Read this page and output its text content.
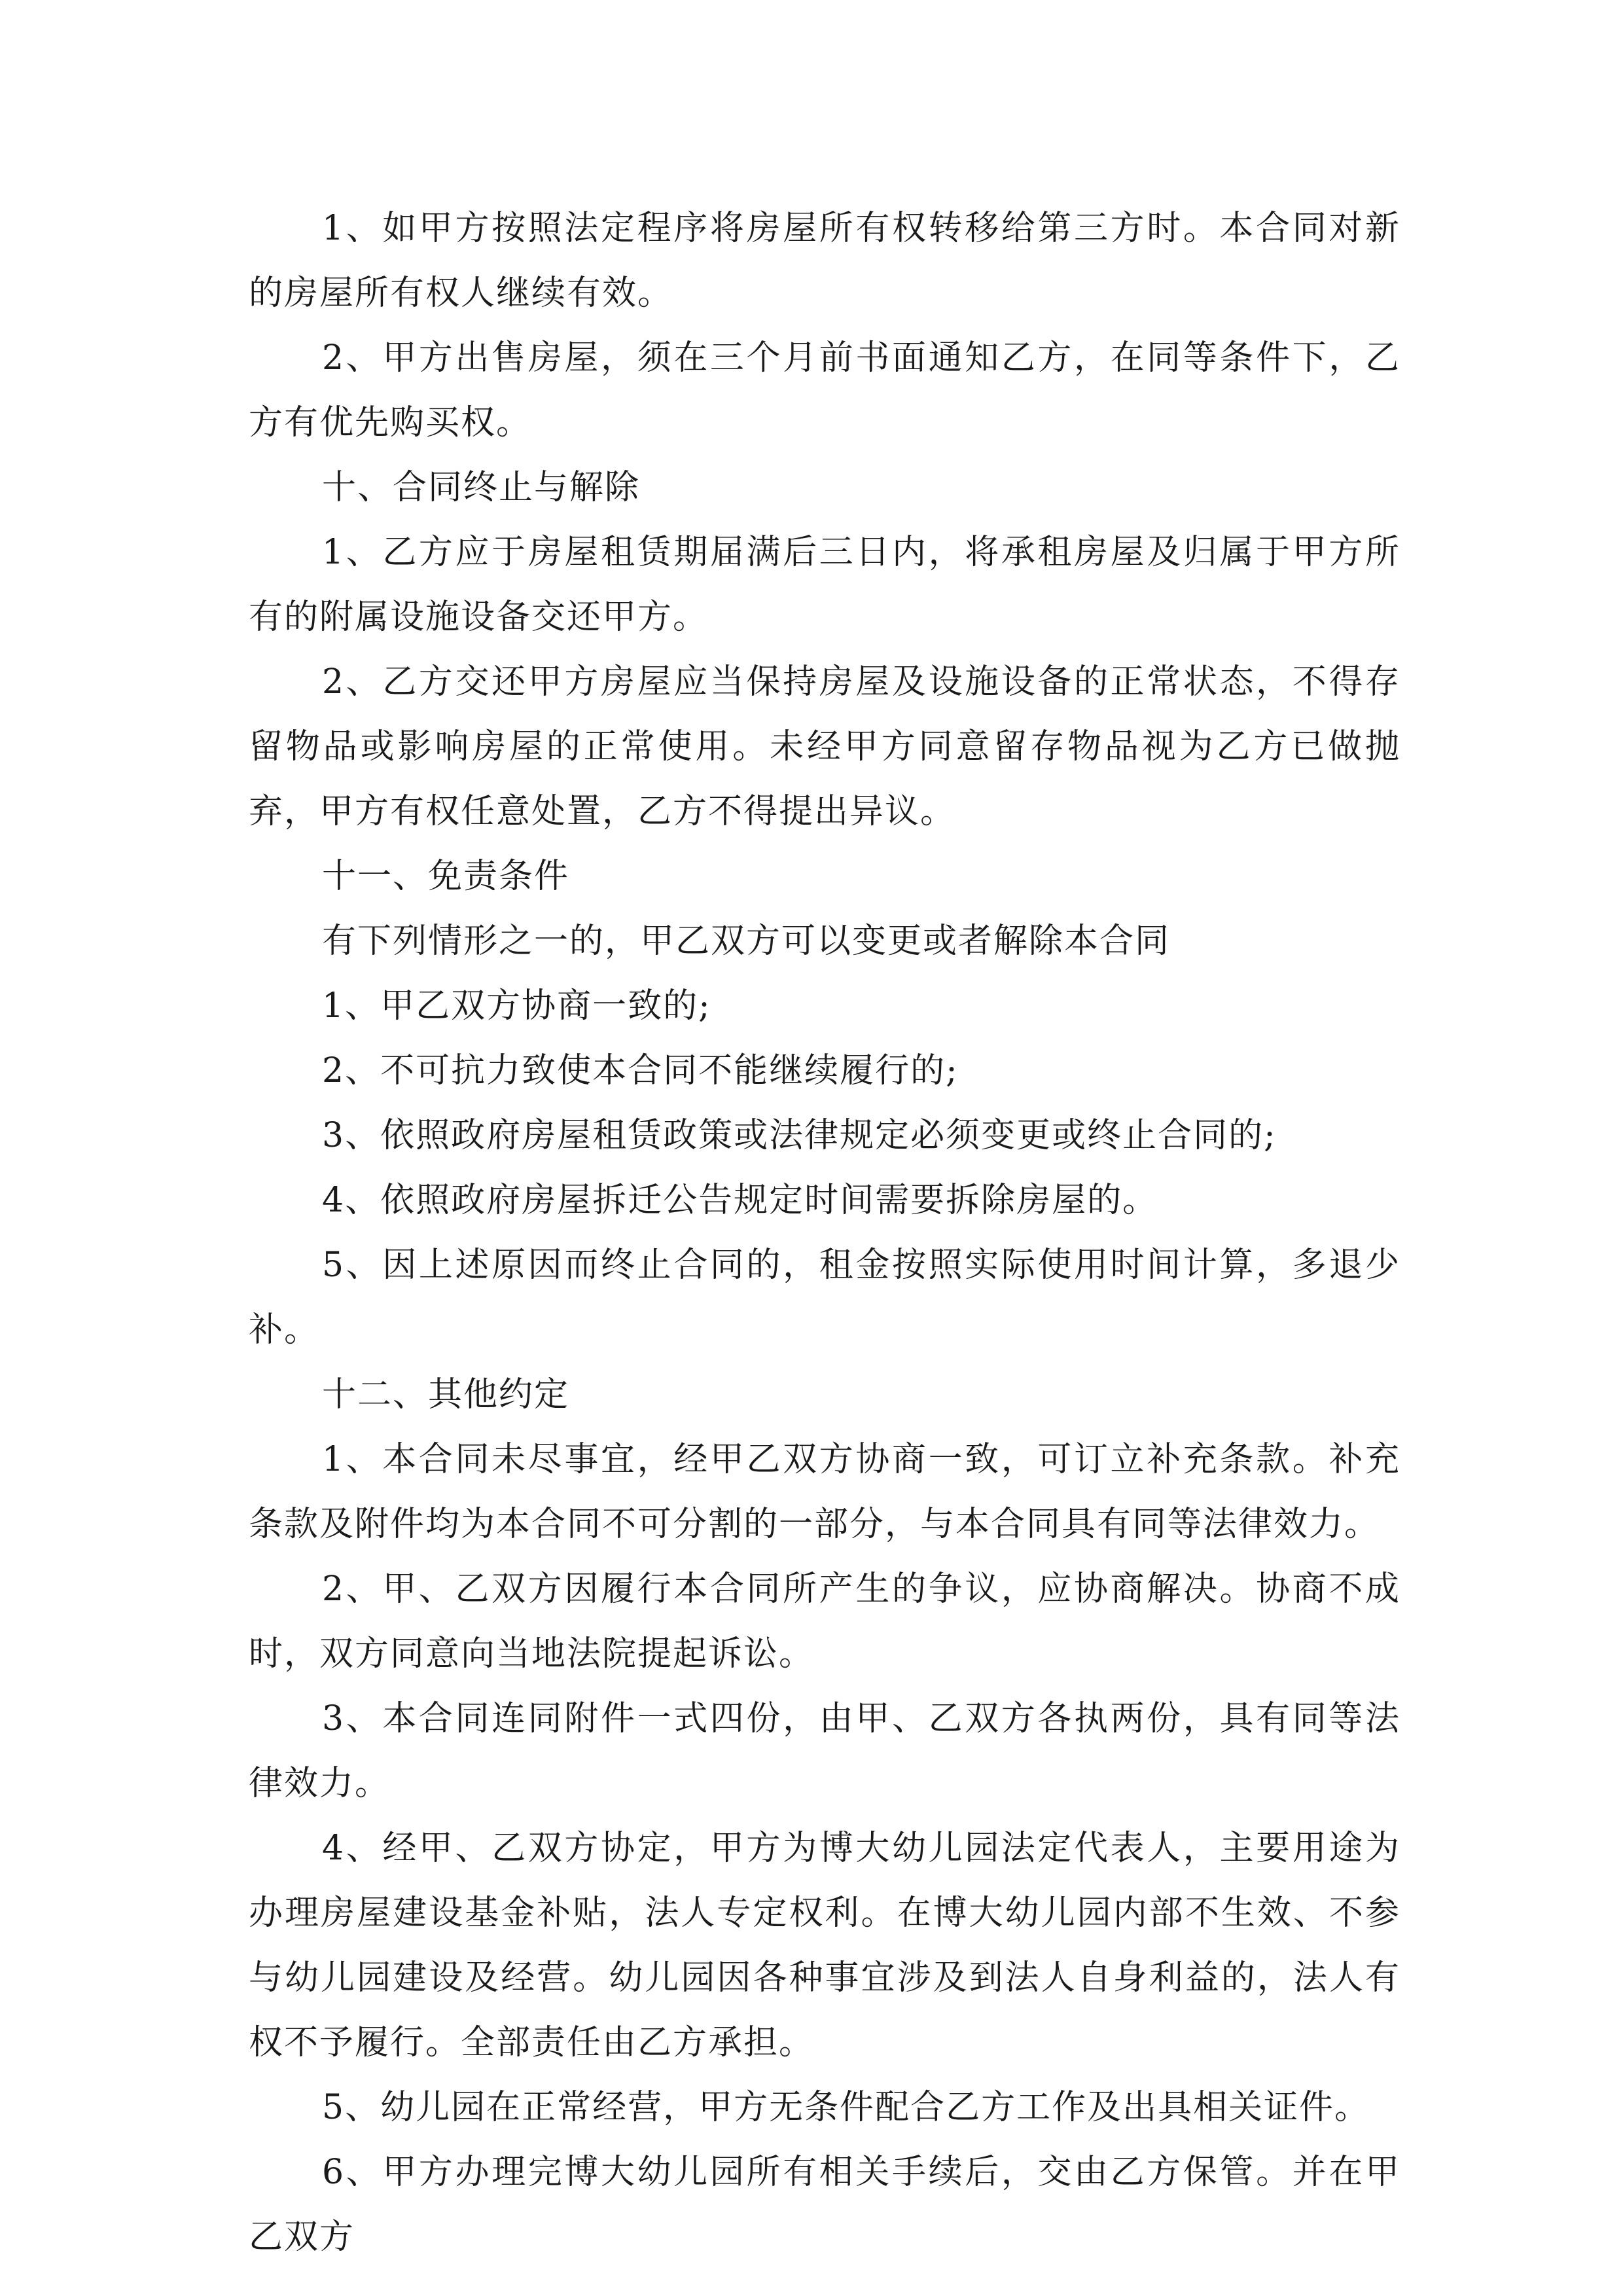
1、如甲方按照法定程序将房屋所有权转移给第三方时。本合同对新的房屋所有权人继续有效。

2、甲方出售房屋，须在三个月前书面通知乙方，在同等条件下，乙方有优先购买权。

十、合同终止与解除

1、乙方应于房屋租赁期届满后三日内，将承租房屋及归属于甲方所有的附属设施设备交还甲方。

2、乙方交还甲方房屋应当保持房屋及设施设备的正常状态，不得存留物品或影响房屋的正常使用。未经甲方同意留存物品视为乙方已做抛弃，甲方有权任意处置，乙方不得提出异议。

十一、免责条件

有下列情形之一的，甲乙双方可以变更或者解除本合同

1、甲乙双方协商一致的;

2、不可抗力致使本合同不能继续履行的;

3、依照政府房屋租赁政策或法律规定必须变更或终止合同的;

4、依照政府房屋拆迁公告规定时间需要拆除房屋的。

5、因上述原因而终止合同的，租金按照实际使用时间计算，多退少补。

十二、其他约定

1、本合同未尽事宜，经甲乙双方协商一致，可订立补充条款。补充条款及附件均为本合同不可分割的一部分，与本合同具有同等法律效力。

2、甲、乙双方因履行本合同所产生的争议，应协商解决。协商不成时，双方同意向当地法院提起诉讼。

3、本合同连同附件一式四份，由甲、乙双方各执两份，具有同等法律效力。

4、经甲、乙双方协定，甲方为博大幼儿园法定代表人，主要用途为办理房屋建设基金补贴，法人专定权利。在博大幼儿园内部不生效、不参与幼儿园建设及经营。幼儿园因各种事宜涉及到法人自身利益的，法人有权不予履行。全部责任由乙方承担。

5、幼儿园在正常经营，甲方无条件配合乙方工作及出具相关证件。

6、甲方办理完博大幼儿园所有相关手续后，交由乙方保管。并在甲乙双方
